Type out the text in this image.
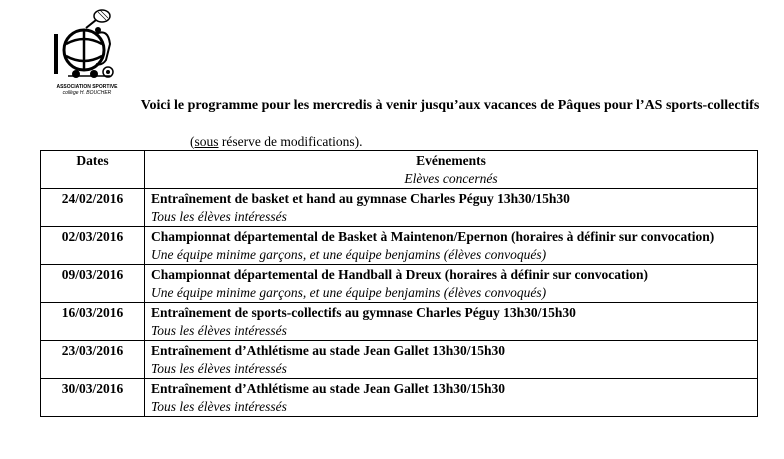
ASSOCIATION SPORTIVE
collège H. BOUCHER
Voici le programme pour les mercredis à venir jusqu’aux vacances de Pâques pour l’AS sports-collectifs
(sous réserve de modifications).
Dates	Evénements
Elèves concernés

24/02/2016	Entraînement de basket et hand au gymnase Charles Péguy 13h30/15h30
Tous les élèves intéressés

02/03/2016	Championnat départemental de Basket à Maintenon/Epernon (horaires à définir sur convocation)
Une équipe minime garçons, et une équipe benjamins (élèves convoqués)

09/03/2016	Championnat départemental de Handball à Dreux (horaires à définir sur convocation)
Une équipe minime garçons, et une équipe benjamins (élèves convoqués)

16/03/2016	Entraînement de sports-collectifs au gymnase Charles Péguy 13h30/15h30
Tous les élèves intéressés

23/03/2016	Entraînement d’Athlétisme au stade Jean Gallet 13h30/15h30
Tous les élèves intéressés

30/03/2016	Entraînement d’Athlétisme au stade Jean Gallet 13h30/15h30
Tous les élèves intéressés
